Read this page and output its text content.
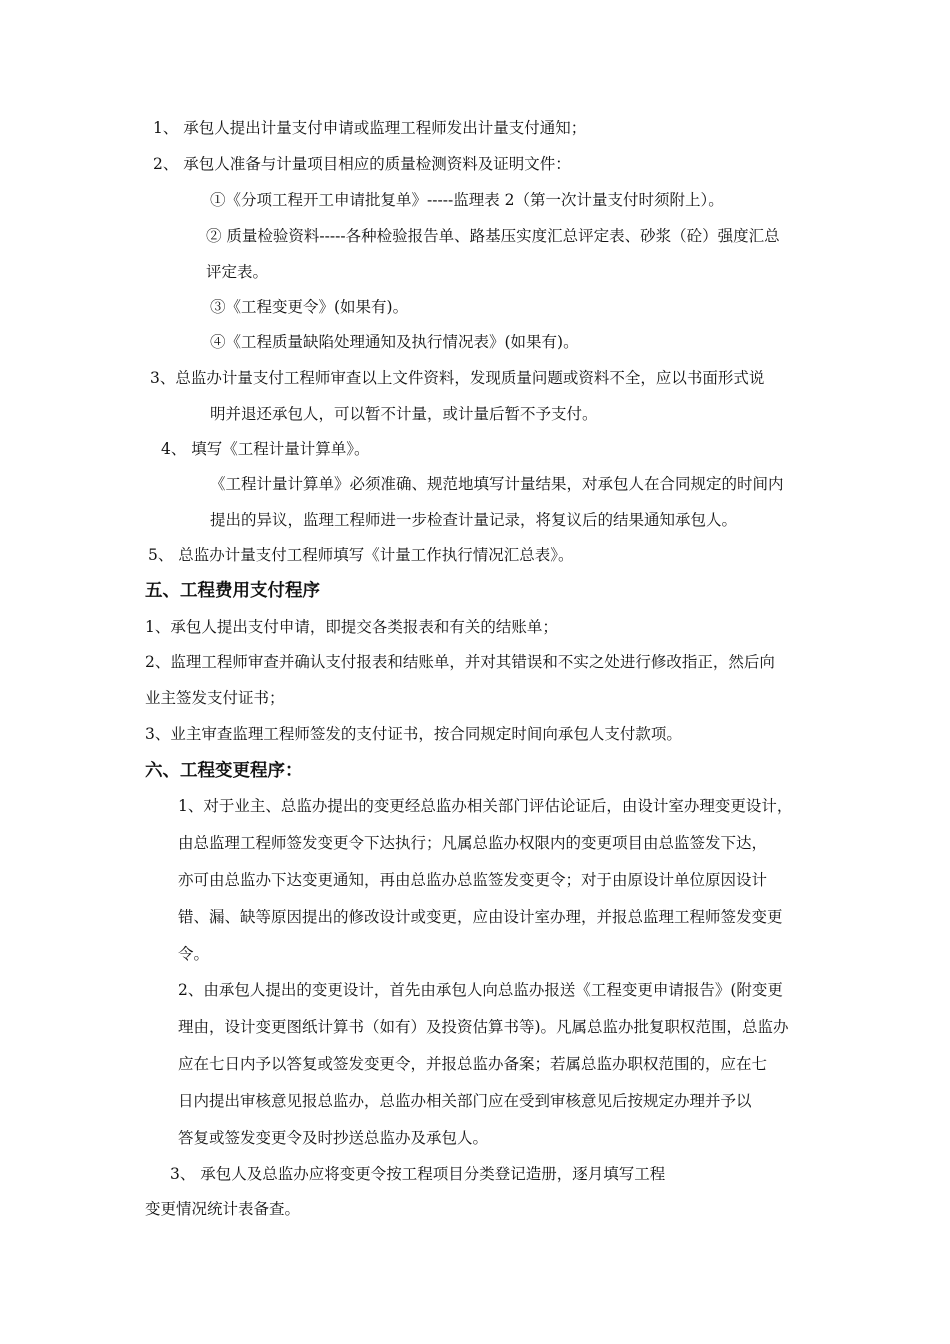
1、 承包人提出计量支付申请或监理工程师发出计量支付通知；
2、 承包人准备与计量项目相应的质量检测资料及证明文件：
①《分项工程开工申请批复单》-----监理表 2（第一次计量支付时须附上）。
② 质量检验资料-----各种检验报告单、路基压实度汇总评定表、砂浆（砼）强度汇总
评定表。
③《工程变更令》(如果有)。
④《工程质量缺陷处理通知及执行情况表》(如果有)。
3、总监办计量支付工程师审查以上文件资料，发现质量问题或资料不全，应以书面形式说
明并退还承包人，可以暂不计量，或计量后暂不予支付。
4、 填写《工程计量计算单》。
《工程计量计算单》必须准确、规范地填写计量结果，对承包人在合同规定的时间内
提出的异议，监理工程师进一步检查计量记录，将复议后的结果通知承包人。
5、 总监办计量支付工程师填写《计量工作执行情况汇总表》。
五、工程费用支付程序
1、承包人提出支付申请，即提交各类报表和有关的结账单；
2、监理工程师审查并确认支付报表和结账单，并对其错误和不实之处进行修改指正，然后向
业主签发支付证书；
3、业主审查监理工程师签发的支付证书，按合同规定时间向承包人支付款项。
六、工程变更程序：
1、对于业主、总监办提出的变更经总监办相关部门评估论证后，由设计室办理变更设计，
由总监理工程师签发变更令下达执行；凡属总监办权限内的变更项目由总监签发下达，
亦可由总监办下达变更通知，再由总监办总监签发变更令；对于由原设计单位原因设计
错、漏、缺等原因提出的修改设计或变更，应由设计室办理，并报总监理工程师签发变更
令。
2、由承包人提出的变更设计，首先由承包人向总监办报送《工程变更申请报告》(附变更
理由，设计变更图纸计算书（如有）及投资估算书等)。凡属总监办批复职权范围，总监办
应在七日内予以答复或签发变更令，并报总监办备案；若属总监办职权范围的，应在七
日内提出审核意见报总监办，总监办相关部门应在受到审核意见后按规定办理并予以
答复或签发变更令及时抄送总监办及承包人。
3、 承包人及总监办应将变更令按工程项目分类登记造册，逐月填写工程
变更情况统计表备查。
